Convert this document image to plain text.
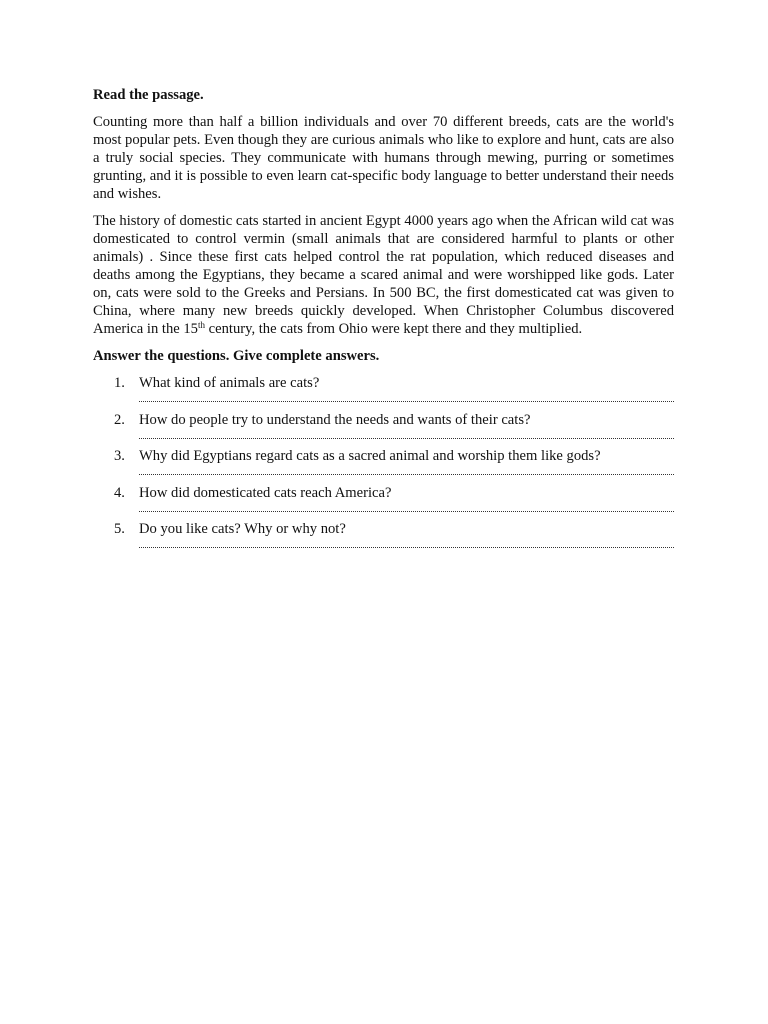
Read the passage.

Counting more than half a billion individuals and over 70 different breeds, cats are the world's most popular pets. Even though they are curious animals who like to explore and hunt, cats are also a truly social species. They communicate with humans through mewing, purring or sometimes grunting, and it is possible to even learn cat-specific body language to better understand their needs and wishes.

The history of domestic cats started in ancient Egypt 4000 years ago when the African wild cat was domesticated to control vermin (small animals that are considered harmful to plants or other animals) . Since these first cats helped control the rat population, which reduced diseases and deaths among the Egyptians, they became a scared animal and were worshipped like gods. Later on, cats were sold to the Greeks and Persians. In 500 BC, the first domesticated cat was given to China, where many new breeds quickly developed. When Christopher Columbus discovered America in the 15th century, the cats from Ohio were kept there and they multiplied.

Answer the questions. Give complete answers.

1. What kind of animals are cats?
2. How do people try to understand the needs and wants of their cats?
3. Why did Egyptians regard cats as a sacred animal and worship them like gods?
4. How did domesticated cats reach America?
5. Do you like cats? Why or why not?
